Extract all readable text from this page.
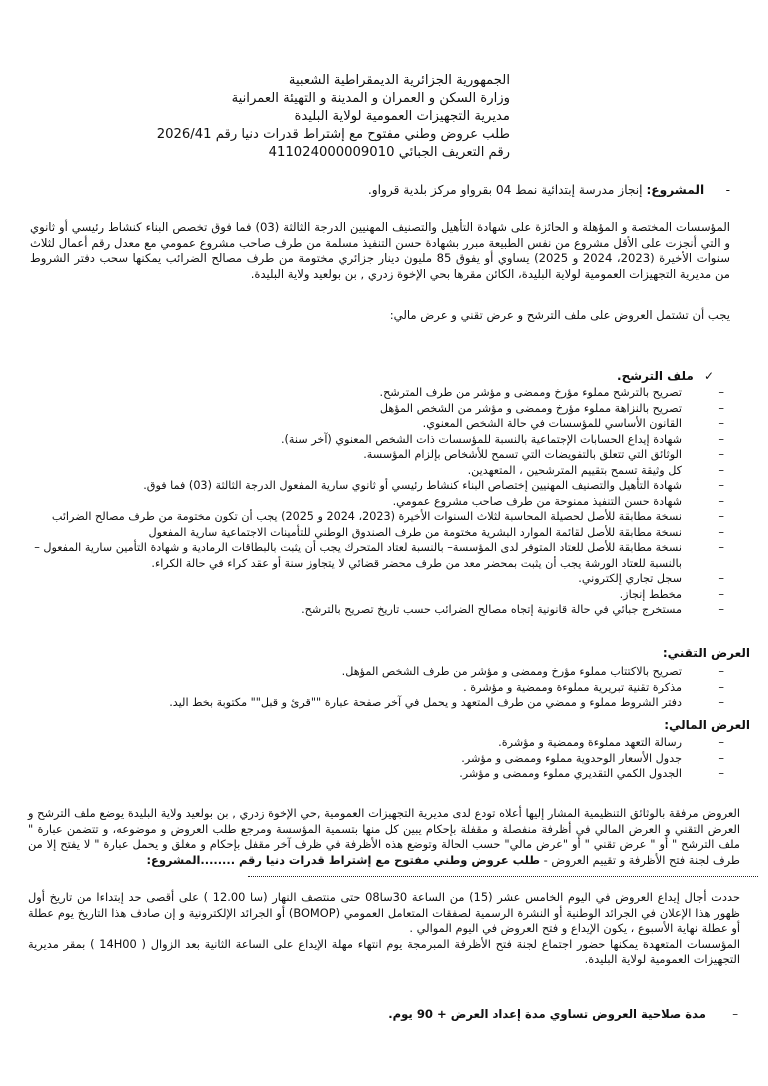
الجمهورية الجزائرية الديمقراطية الشعبية
وزارة السكن و العمران و المدينة و التهيئة العمرانية
مديرية التجهيزات العمومية لولاية البليدة
طلب عروض وطني مفتوح مع إشتراط قدرات دنيا رقم 2026/41
رقم التعريف الجبائي 411024000009010
- المشروع: إنجاز مدرسة إبتدائية نمط 04 بقرواو مركز بلدية قرواو.
المؤسسات المختصة و المؤهلة و الحائزة على شهادة التأهيل والتصنيف المهنيين الدرجة الثالثة (03) فما فوق تخصص البناء كنشاط رئيسي أو ثانوي و التي أنجزت على الأقل مشروع من نفس الطبيعة مبرر بشهادة حسن التنفيذ مسلمة من طرف صاحب مشروع عمومي مع معدل رقم أعمال لثلاث سنوات الأخيرة (2023، 2024 و 2025) يساوي أو يفوق 85 مليون دينار جزائري مختومة من طرف مصالح الضرائب يمكنها سحب دفتر الشروط من مديرية التجهيزات العمومية لولاية البليدة، الكائن مقرها بحي الإخوة زدري , بن بولعيد ولاية البليدة.
يجب أن تشتمل العروض على ملف الترشح و عرض تقني و عرض مالي:
✓ ملف الترشح.
– تصريح بالترشح مملوء مؤرخ وممضى و مؤشر من طرف المترشح.
– تصريح بالنزاهة مملوء مؤرخ وممضى و مؤشر من الشخص المؤهل
– القانون الأساسي للمؤسسات في حالة الشخص المعنوي.
– شهادة إيداع الحسابات الإجتماعية بالنسبة للمؤسسات ذات الشخص المعنوي (آخر سنة).
– الوثائق التي تتعلق بالتفويضات التي تسمح للأشخاص بإلزام المؤسسة.
– كل وثيقة تسمح بتقييم المترشحين ، المتعهدين.
– شهادة التأهيل والتصنيف المهنيين إختصاص البناء كنشاط رئيسي أو ثانوي سارية المفعول الدرجة الثالثة (03) فما فوق.
– شهادة حسن التنفيذ ممنوحة من طرف صاحب مشروع عمومي.
– نسخة مطابقة للأصل لحصيلة المحاسبة لثلاث السنوات الأخيرة (2023، 2024 و 2025) يجب أن تكون مختومة من طرف مصالح الضرائب
– نسخة مطابقة للأصل لقائمة الموارد البشرية مختومة من طرف الصندوق الوطني للتأمينات الاجتماعية سارية المفعول
– نسخة مطابقة للأصل للعتاد المتوفر لدى المؤسسة– بالنسبة لعتاد المتحرك يجب أن يثبت بالبطاقات الرمادية و شهادة التأمين سارية المفعول – بالنسبة للعتاد الورشة يجب أن يثبت بمحضر معد من طرف محضر قضائي لا يتجاوز سنة أو عقد كراء في حالة الكراء.
– سجل تجاري إلكتروني.
– مخطط إنجاز.
– مستخرج جبائي في حالة قانونية إتجاه مصالح الضرائب حسب تاريخ تصريح بالترشح.
العرض التقني:
– تصريح بالاكتتاب مملوء مؤرخ وممضى و مؤشر من طرف الشخص المؤهل.
– مذكرة تقنية تبريرية مملوءة وممضية و مؤشرة .
– دفتر الشروط مملوء و ممضي من طرف المتعهد و يحمل في آخر صفحة عبارة ""قرئ و قبل"" مكتوبة بخط اليد.
العرض المالي:
– رسالة التعهد مملوءة وممضية و مؤشرة.
– جدول الأسعار الوحدوية مملوء وممضى و مؤشر.
– الجدول الكمي التقديري مملوء وممضى و مؤشر.
العروض مرفقة بالوثائق التنظيمية المشار إليها أعلاه تودع لدى مديرية التجهيزات العمومية ,حي الإخوة زدري , بن بولعيد ولاية البليدة يوضع ملف الترشح و العرض التقني و العرض المالي في أظرفة منفصلة و مقفلة بإحكام يبين كل منها بتسمية المؤسسة ومرجع طلب العروض و موضوعه، و تتضمن عبارة " ملف الترشح " أو " عرض تقني " أو "عرض مالي" حسب الحالة وتوضع هذه الأظرفة في ظرف آخر مقفل بإحكام و مغلق و يحمل عبارة " لا يفتح إلا من طرف لجنة فتح الأظرفة و تقييم العروض - طلب عروض وطني مفتوح مع إشتراط قدرات دنيا رقم ........المشروع:
حددت أجال إيداع العروض في اليوم الخامس عشر (15) من الساعة 30سا08 حتى منتصف النهار (سا 12.00 ) على أقصى حد إبتداءا من تاريخ أول ظهور هذا الإعلان في الجرائد الوطنية أو النشرة الرسمية لصفقات المتعامل العمومي (BOMOP) أو الجرائد الإلكترونية و إن صادف هذا التاريخ يوم عطلة أو عطلة نهاية الأسبوع ، يكون الإيداع و فتح العروض في اليوم الموالي .
المؤسسات المتعهدة يمكنها حضور اجتماع لجنة فتح الأظرفة المبرمجة يوم انتهاء مهلة الإيداع على الساعة الثانية بعد الزوال ( 14H00 ) بمقر مديرية التجهيزات العمومية لولاية البليدة.
– مدة صلاحية العروض تساوي مدة إعداد العرض + 90 يوم.
